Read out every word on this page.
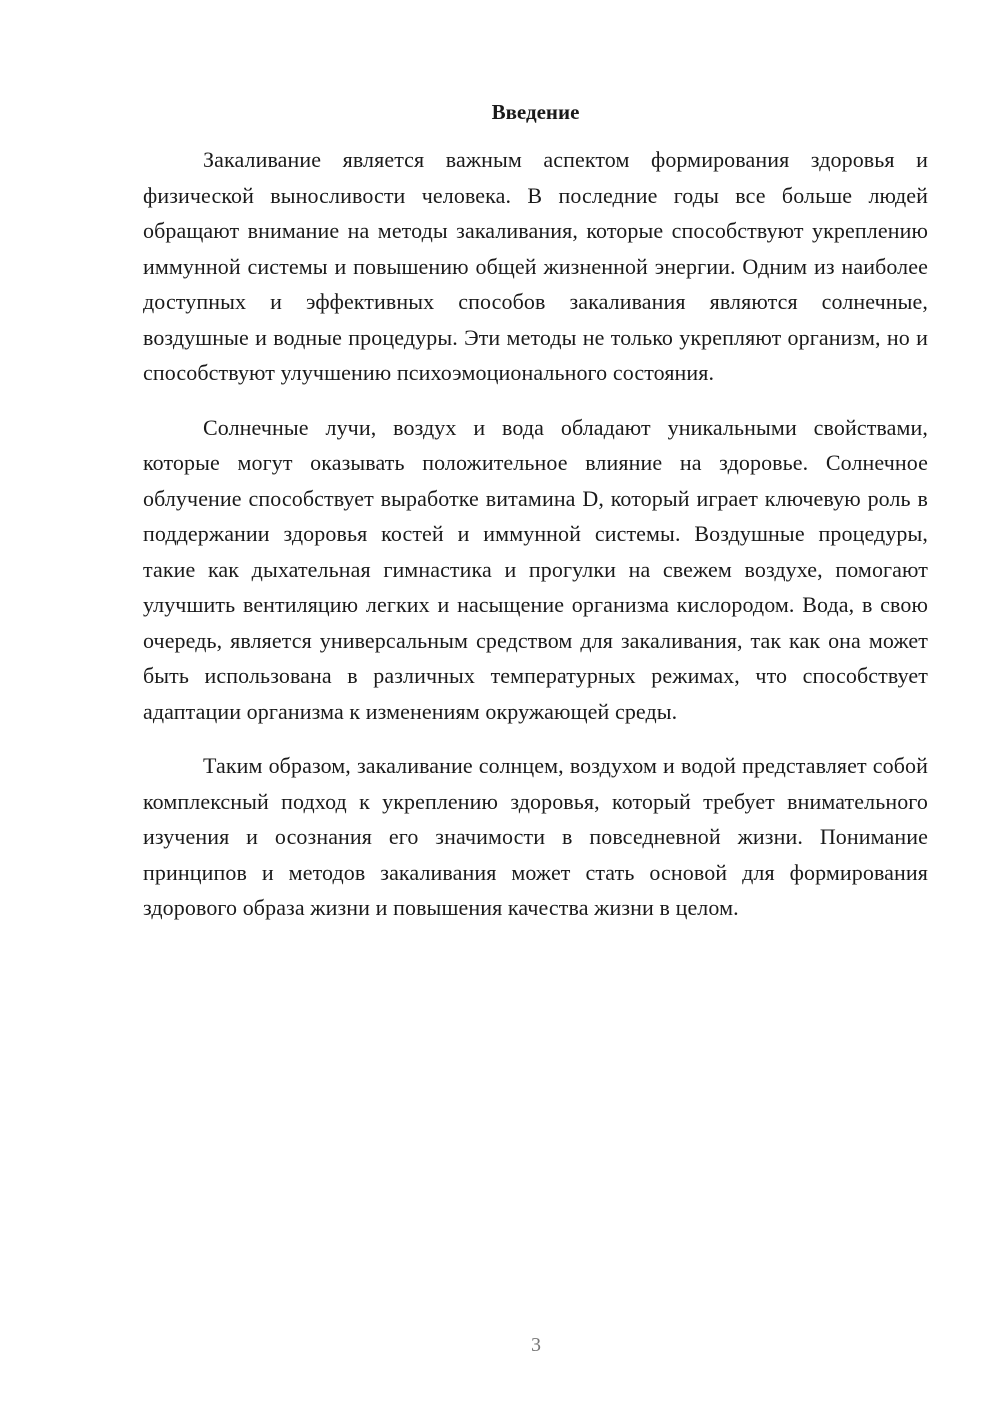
Введение

Закаливание является важным аспектом формирования здоровья и физической выносливости человека. В последние годы все больше людей обращают внимание на методы закаливания, которые способствуют укреплению иммунной системы и повышению общей жизненной энергии. Одним из наиболее доступных и эффективных способов закаливания являются солнечные, воздушные и водные процедуры. Эти методы не только укрепляют организм, но и способствуют улучшению психоэмоционального состояния.

Солнечные лучи, воздух и вода обладают уникальными свойствами, которые могут оказывать положительное влияние на здоровье. Солнечное облучение способствует выработке витамина D, который играет ключевую роль в поддержании здоровья костей и иммунной системы. Воздушные процедуры, такие как дыхательная гимнастика и прогулки на свежем воздухе, помогают улучшить вентиляцию легких и насыщение организма кислородом. Вода, в свою очередь, является универсальным средством для закаливания, так как она может быть использована в различных температурных режимах, что способствует адаптации организма к изменениям окружающей среды.

Таким образом, закаливание солнцем, воздухом и водой представляет собой комплексный подход к укреплению здоровья, который требует внимательного изучения и осознания его значимости в повседневной жизни. Понимание принципов и методов закаливания может стать основой для формирования здорового образа жизни и повышения качества жизни в целом.

3
